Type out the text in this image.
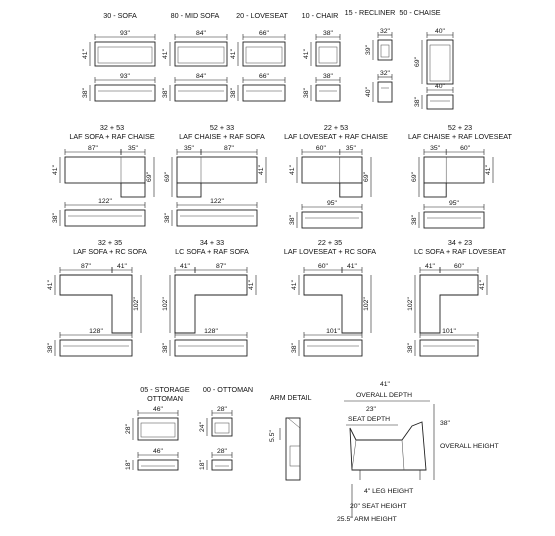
30 - SOFA
93"
41"
93"
38"
80 - MID SOFA
84"
41"
84"
38"
20 - LOVESEAT
66"
41"
66"
38"
10 - CHAIR
38"
41"
38"
38"
15 - RECLINER
32"
39"
32"
40"
50 - CHAISE
40"
69"
40"
38"
32 + 53
LAF SOFA + RAF CHAISE
87"	35"
41"
69"
122"
38"
52 + 33
LAF CHAISE + RAF SOFA
35"	87"
69"
41"
122"
38"
22 + 53
LAF LOVESEAT + RAF CHAISE
60"	35"
41"
69"
95"
38"
52 + 23
LAF CHAISE + RAF LOVESEAT
35"	60"
69"
41"
95"
38"
32 + 35
LAF SOFA + RC SOFA
87"	41"
41"
102"
128"
38"
34 + 33
LC SOFA + RAF SOFA
41"	87"
102"
41"
128"
38"
22 + 35
LAF LOVESEAT + RC SOFA
60"	41"
41"
102"
101"
38"
34 + 23
LC SOFA + RAF LOVESEAT
41"	60"
102"
41"
101"
38"
05 - STORAGE
OTTOMAN
46"
28"
46"
18"
00 - OTTOMAN
28"
24"
28"
18"
ARM DETAIL
5.5"
41"
OVERALL DEPTH
23"
SEAT DEPTH
38"
OVERALL HEIGHT
4" LEG HEIGHT
20" SEAT HEIGHT
25.5" ARM HEIGHT
